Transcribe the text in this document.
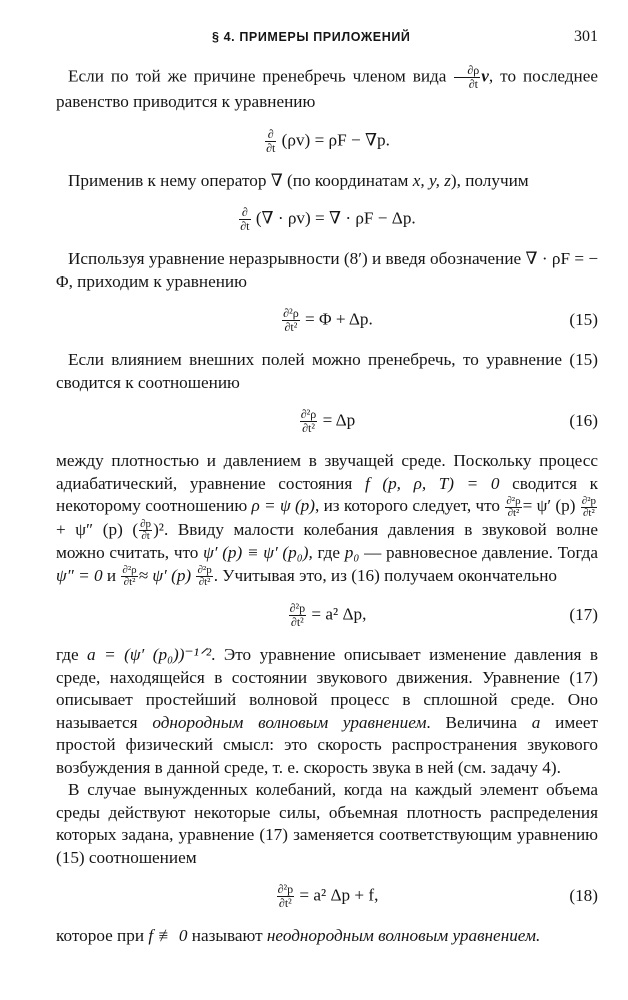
§ 4. ПРИМЕРЫ ПРИЛОЖЕНИЙ	301

Если по той же причине пренебречь членом вида $\frac{\partial\rho}{\partial t} v$, то последнее равенство приводится к уравнению

$\frac{\partial}{\partial t} (\rho v) = \rho F - \nabla p$.

Применив к нему оператор ∇ (по координатам x, y, z), получим

$\frac{\partial}{\partial t}$ (∇ · ρv) = ∇ · ρF − Δp.

Используя уравнение неразрывности (8′) и введя обозначение ∇ · ρF = − Φ, приходим к уравнению

$\frac{\text{∂²ρ}}{\text{∂t²}} = \Phi + \Delta p$.	(15)

Если влиянием внешних полей можно пренебречь, то уравнение (15) сводится к соотношению

$\frac{\text{∂²ρ}}{\text{∂t²}} = \Delta p$	(16)

между плотностью и давлением в звучащей среде. Поскольку процесс адиабатический, уравнение состояния f (p, ρ, T) = 0 сводится к некоторому соотношению ρ = ψ (p), из которого следует, что $\frac{\text{∂²ρ}}{\text{∂t²}} = \psi'$ $(p) \frac{\text{∂²p}}{\text{∂t²}}$
+ ψ″ (p) ( $\frac{\partial p}{\partial t} )^2$. Ввиду малости колебания давления в звуковой волне можно считать, что ψ′ (p) ≡ ψ′ (p₀), где p₀ — равновесное давление. Тогда ψ″ = 0 и $\frac{\text{∂²ρ}}{\text{∂t²}} \approx \psi'$ $(p) \frac{\text{∂²p}}{\text{∂t²}}$ . Учитывая это, из (16) получаем окончательно

$\frac{\text{∂²p}}{\text{∂t²}} = a^2$ Δp,	(17)

где a = (ψ′ (p₀))⁻¹ᐟ². Это уравнение описывает изменение давления в среде, находящейся в состоянии звукового движения. Уравнение (17) описывает простейший волновой процесс в сплошной среде. Оно называется однородным волновым уравнением. Величина a имеет простой физический смысл: это скорость распространения звукового возбуждения в данной среде, т. е. скорость звука в ней (см. задачу 4).

В случае вынужденных колебаний, когда на каждый элемент объема среды действуют некоторые силы, объемная плотность распределения которых задана, уравнение (17) заменяется соответствующим уравнению (15) соотношением

$\frac{\text{∂²p}}{\text{∂t²}} = a^2$ Δp + f,	(18)

которое при f ≢ 0 называют неоднородным волновым уравнением.
